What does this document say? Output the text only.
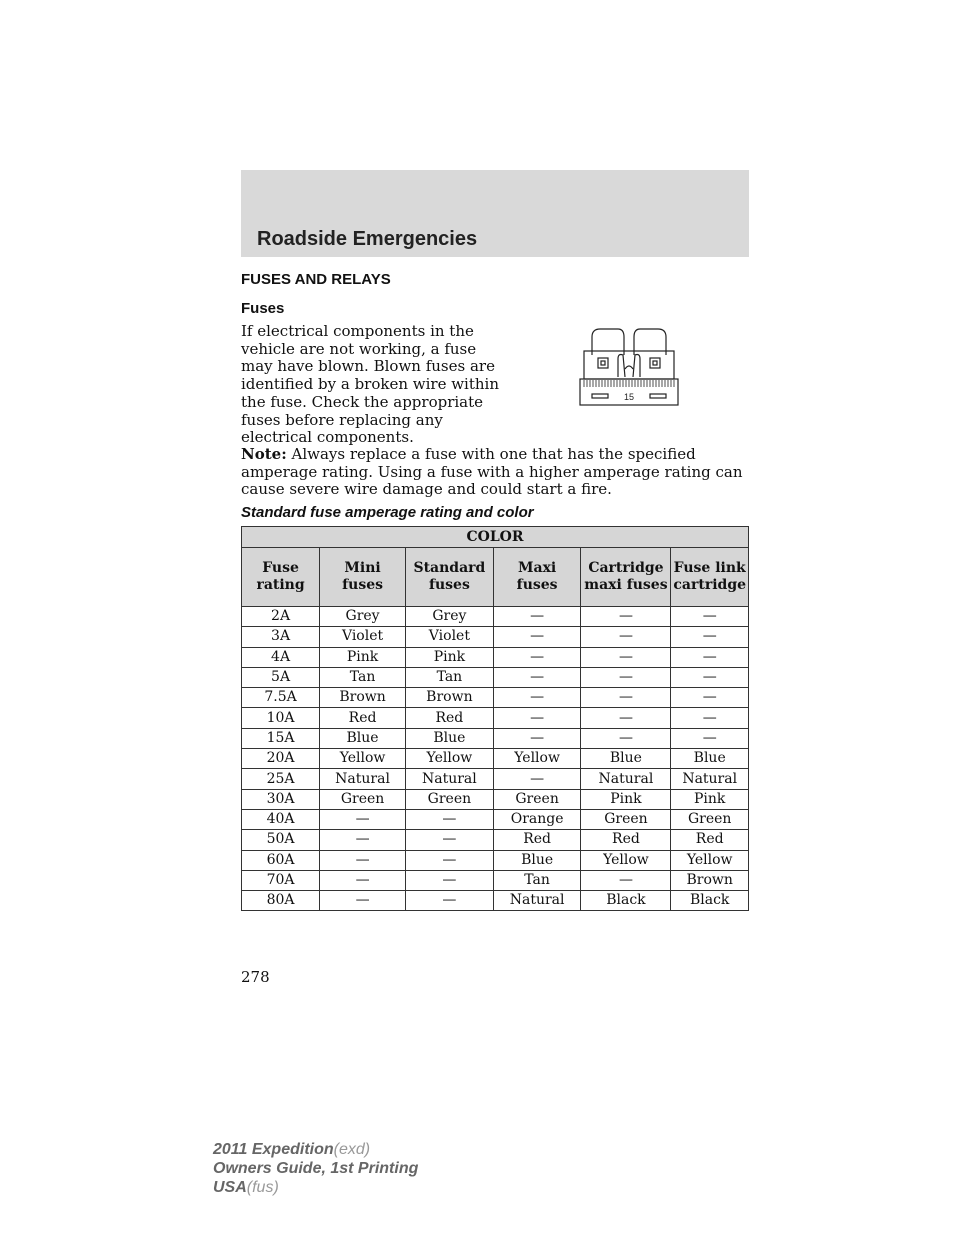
Roadside Emergencies
FUSES AND RELAYS
Fuses
If electrical components in the vehicle are not working, a fuse may have blown. Blown fuses are identified by a broken wire within the fuse. Check the appropriate fuses before replacing any electrical components.
15
Note: Always replace a fuse with one that has the specified amperage rating. Using a fuse with a higher amperage rating can cause severe wire damage and could start a fire.
Standard fuse amperage rating and color
COLOR					
Fuse rating	Mini fuses	Standard fuses	Maxi fuses	Cartridge maxi fuses	Fuse link cartridge
2A	Grey	Grey	—	—	—
3A	Violet	Violet	—	—	—
4A	Pink	Pink	—	—	—
5A	Tan	Tan	—	—	—
7.5A	Brown	Brown	—	—	—
10A	Red	Red	—	—	—
15A	Blue	Blue	—	—	—
20A	Yellow	Yellow	Yellow	Blue	Blue
25A	Natural	Natural	—	Natural	Natural
30A	Green	Green	Green	Pink	Pink
40A	—	—	Orange	Green	Green
50A	—	—	Red	Red	Red
60A	—	—	Blue	Yellow	Yellow
70A	—	—	Tan	—	Brown
80A	—	—	Natural	Black	Black
278
2011 Expedition(exd)
Owners Guide, 1st Printing
USA(fus)
